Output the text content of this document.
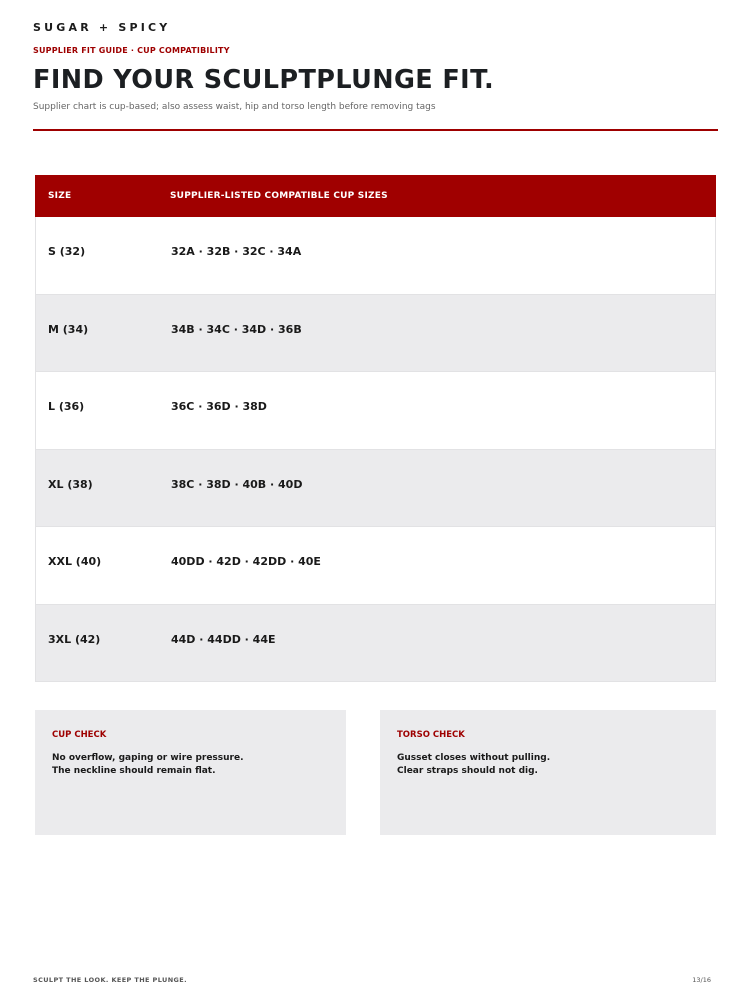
SUGAR + SPICY
SUPPLIER FIT GUIDE · CUP COMPATIBILITY
FIND YOUR SCULPTPLUNGE FIT.
Supplier chart is cup-based; also assess waist, hip and torso length before removing tags
SIZE	SUPPLIER-LISTED COMPATIBLE CUP SIZES
S (32)	32A · 32B · 32C · 34A
M (34)	34B · 34C · 34D · 36B
L (36)	36C · 36D · 38D
XL (38)	38C · 38D · 40B · 40D
XXL (40)	40DD · 42D · 42DD · 40E
3XL (42)	44D · 44DD · 44E
CUP CHECK
No overflow, gaping or wire pressure.
The neckline should remain flat.
TORSO CHECK
Gusset closes without pulling.
Clear straps should not dig.
SCULPT THE LOOK. KEEP THE PLUNGE.	13/16
